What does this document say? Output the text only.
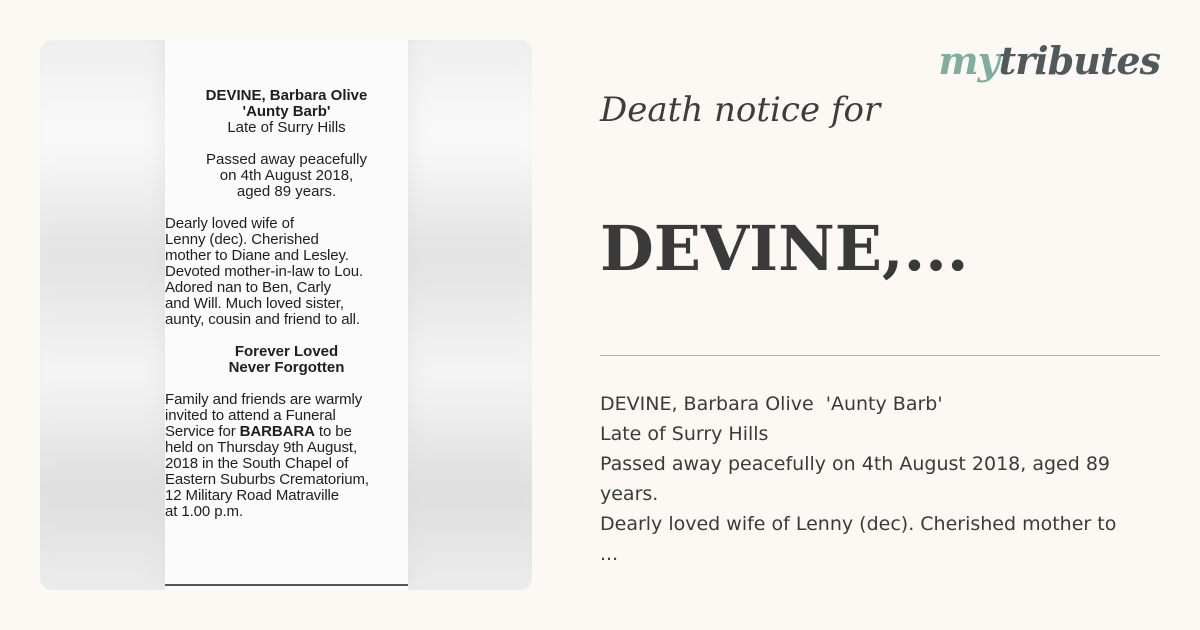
DEVINE, Barbara Olive
'Aunty Barb'
Late of Surry Hills
Passed away peacefully
on 4th August 2018,
aged 89 years.
Dearly loved wife of
Lenny (dec). Cherished
mother to Diane and Lesley.
Devoted mother-in-law to Lou.
Adored nan to Ben, Carly
and Will. Much loved sister,
aunty, cousin and friend to all.
Forever Loved
Never Forgotten
Family and friends are warmly
invited to attend a Funeral
Service for BARBARA to be
held on Thursday 9th August,
2018 in the South Chapel of
Eastern Suburbs Crematorium,
12 Military Road Matraville
at 1.00 p.m.
mytributes
Death notice for
DEVINE,...
DEVINE, Barbara Olive  'Aunty Barb'
Late of Surry Hills
Passed away peacefully on 4th August 2018, aged 89 years.
Dearly loved wife of Lenny (dec). Cherished mother to
...
